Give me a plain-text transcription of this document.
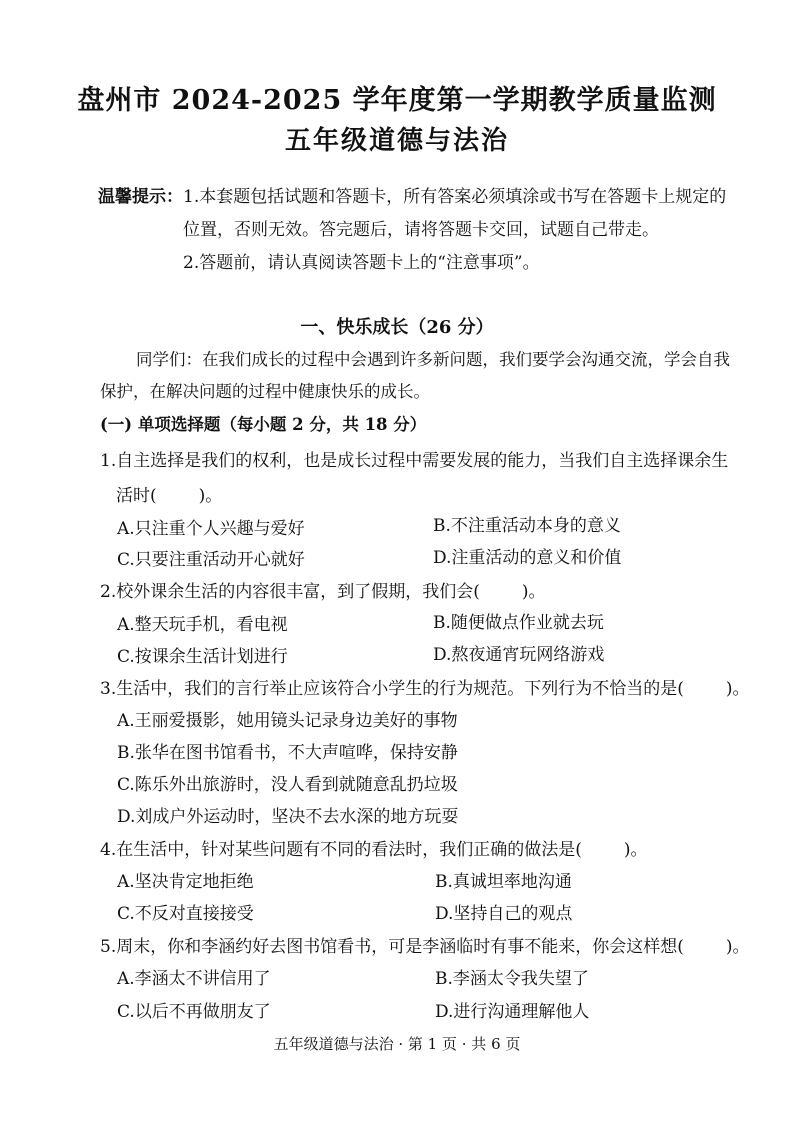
盘州市 2024-2025 学年度第一学期教学质量监测
五年级道德与法治
温馨提示：1.本套题包括试题和答题卡，所有答案必须填涂或书写在答题卡上规定的
位置，否则无效。答完题后，请将答题卡交回，试题自己带走。
2.答题前，请认真阅读答题卡上的“注意事项”。
一、快乐成长（26 分）
同学们：在我们成长的过程中会遇到许多新问题，我们要学会沟通交流，学会自我
保护，在解决问题的过程中健康快乐的成长。
(一) 单项选择题（每小题 2 分，共 18 分）
1.自主选择是我们的权利，也是成长过程中需要发展的能力，当我们自主选择课余生
活时( )。
A.只注重个人兴趣与爱好	B.不注重活动本身的意义
C.只要注重活动开心就好	D.注重活动的意义和价值
2.校外课余生活的内容很丰富，到了假期，我们会( )。
A.整天玩手机，看电视	B.随便做点作业就去玩
C.按课余生活计划进行	D.熬夜通宵玩网络游戏
3.生活中，我们的言行举止应该符合小学生的行为规范。下列行为不恰当的是( )。
A.王丽爱摄影，她用镜头记录身边美好的事物
B.张华在图书馆看书，不大声喧哗，保持安静
C.陈乐外出旅游时，没人看到就随意乱扔垃圾
D.刘成户外运动时，坚决不去水深的地方玩耍
4.在生活中，针对某些问题有不同的看法时，我们正确的做法是( )。
A.坚决肯定地拒绝	B.真诚坦率地沟通
C.不反对直接接受	D.坚持自己的观点
5.周末，你和李涵约好去图书馆看书，可是李涵临时有事不能来，你会这样想( )。
A.李涵太不讲信用了	B.李涵太令我失望了
C.以后不再做朋友了	D.进行沟通理解他人
五年级道德与法治 · 第 1 页 · 共 6 页
